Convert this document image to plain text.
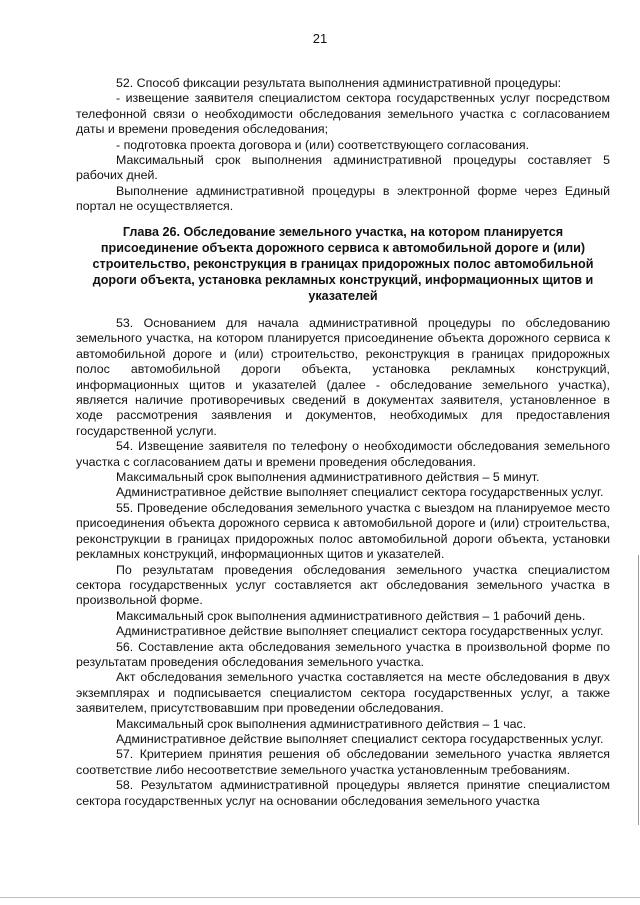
21

52. Способ фиксации результата выполнения административной процедуры:

- извещение заявителя специалистом сектора государственных услуг посредством телефонной связи о необходимости обследования земельного участка с согласованием даты и времени проведения обследования;

- подготовка проекта договора и (или) соответствующего согласования.

Максимальный срок выполнения административной процедуры составляет 5 рабочих дней.

Выполнение административной процедуры в электронной форме через Единый портал не осуществляется.

Глава 26. Обследование земельного участка, на котором планируется присоединение объекта дорожного сервиса к автомобильной дороге и (или) строительство, реконструкция в границах придорожных полос автомобильной дороги объекта, установка рекламных конструкций, информационных щитов и указателей

53. Основанием для начала административной процедуры по обследованию земельного участка, на котором планируется присоединение объекта дорожного сервиса к автомобильной дороге и (или) строительство, реконструкция в границах придорожных полос автомобильной дороги объекта, установка рекламных конструкций, информационных щитов и указателей (далее - обследование земельного участка), является наличие противоречивых сведений в документах заявителя, установленное в ходе рассмотрения заявления и документов, необходимых для предоставления государственной услуги.

54. Извещение заявителя по телефону о необходимости обследования земельного участка с согласованием даты и времени проведения обследования.

Максимальный срок выполнения административного действия – 5 минут.

Административное действие выполняет специалист сектора государственных услуг.

55. Проведение обследования земельного участка с выездом на планируемое место присоединения объекта дорожного сервиса к автомобильной дороге и (или) строительства, реконструкции в границах придорожных полос автомобильной дороги объекта, установки рекламных конструкций, информационных щитов и указателей.

По результатам проведения обследования земельного участка специалистом сектора государственных услуг составляется акт обследования земельного участка в произвольной форме.

Максимальный срок выполнения административного действия – 1 рабочий день.

Административное действие выполняет специалист сектора государственных услуг.

56. Составление акта обследования земельного участка в произвольной форме по результатам проведения обследования земельного участка.

Акт обследования земельного участка составляется на месте обследования в двух экземплярах и подписывается специалистом сектора государственных услуг, а также заявителем, присутствовавшим при проведении обследования.

Максимальный срок выполнения административного действия – 1 час.

Административное действие выполняет специалист сектора государственных услуг.

57. Критерием принятия решения об обследовании земельного участка является соответствие либо несоответствие земельного участка установленным требованиям.

58. Результатом административной процедуры является принятие специалистом сектора государственных услуг на основании обследования земельного участка
